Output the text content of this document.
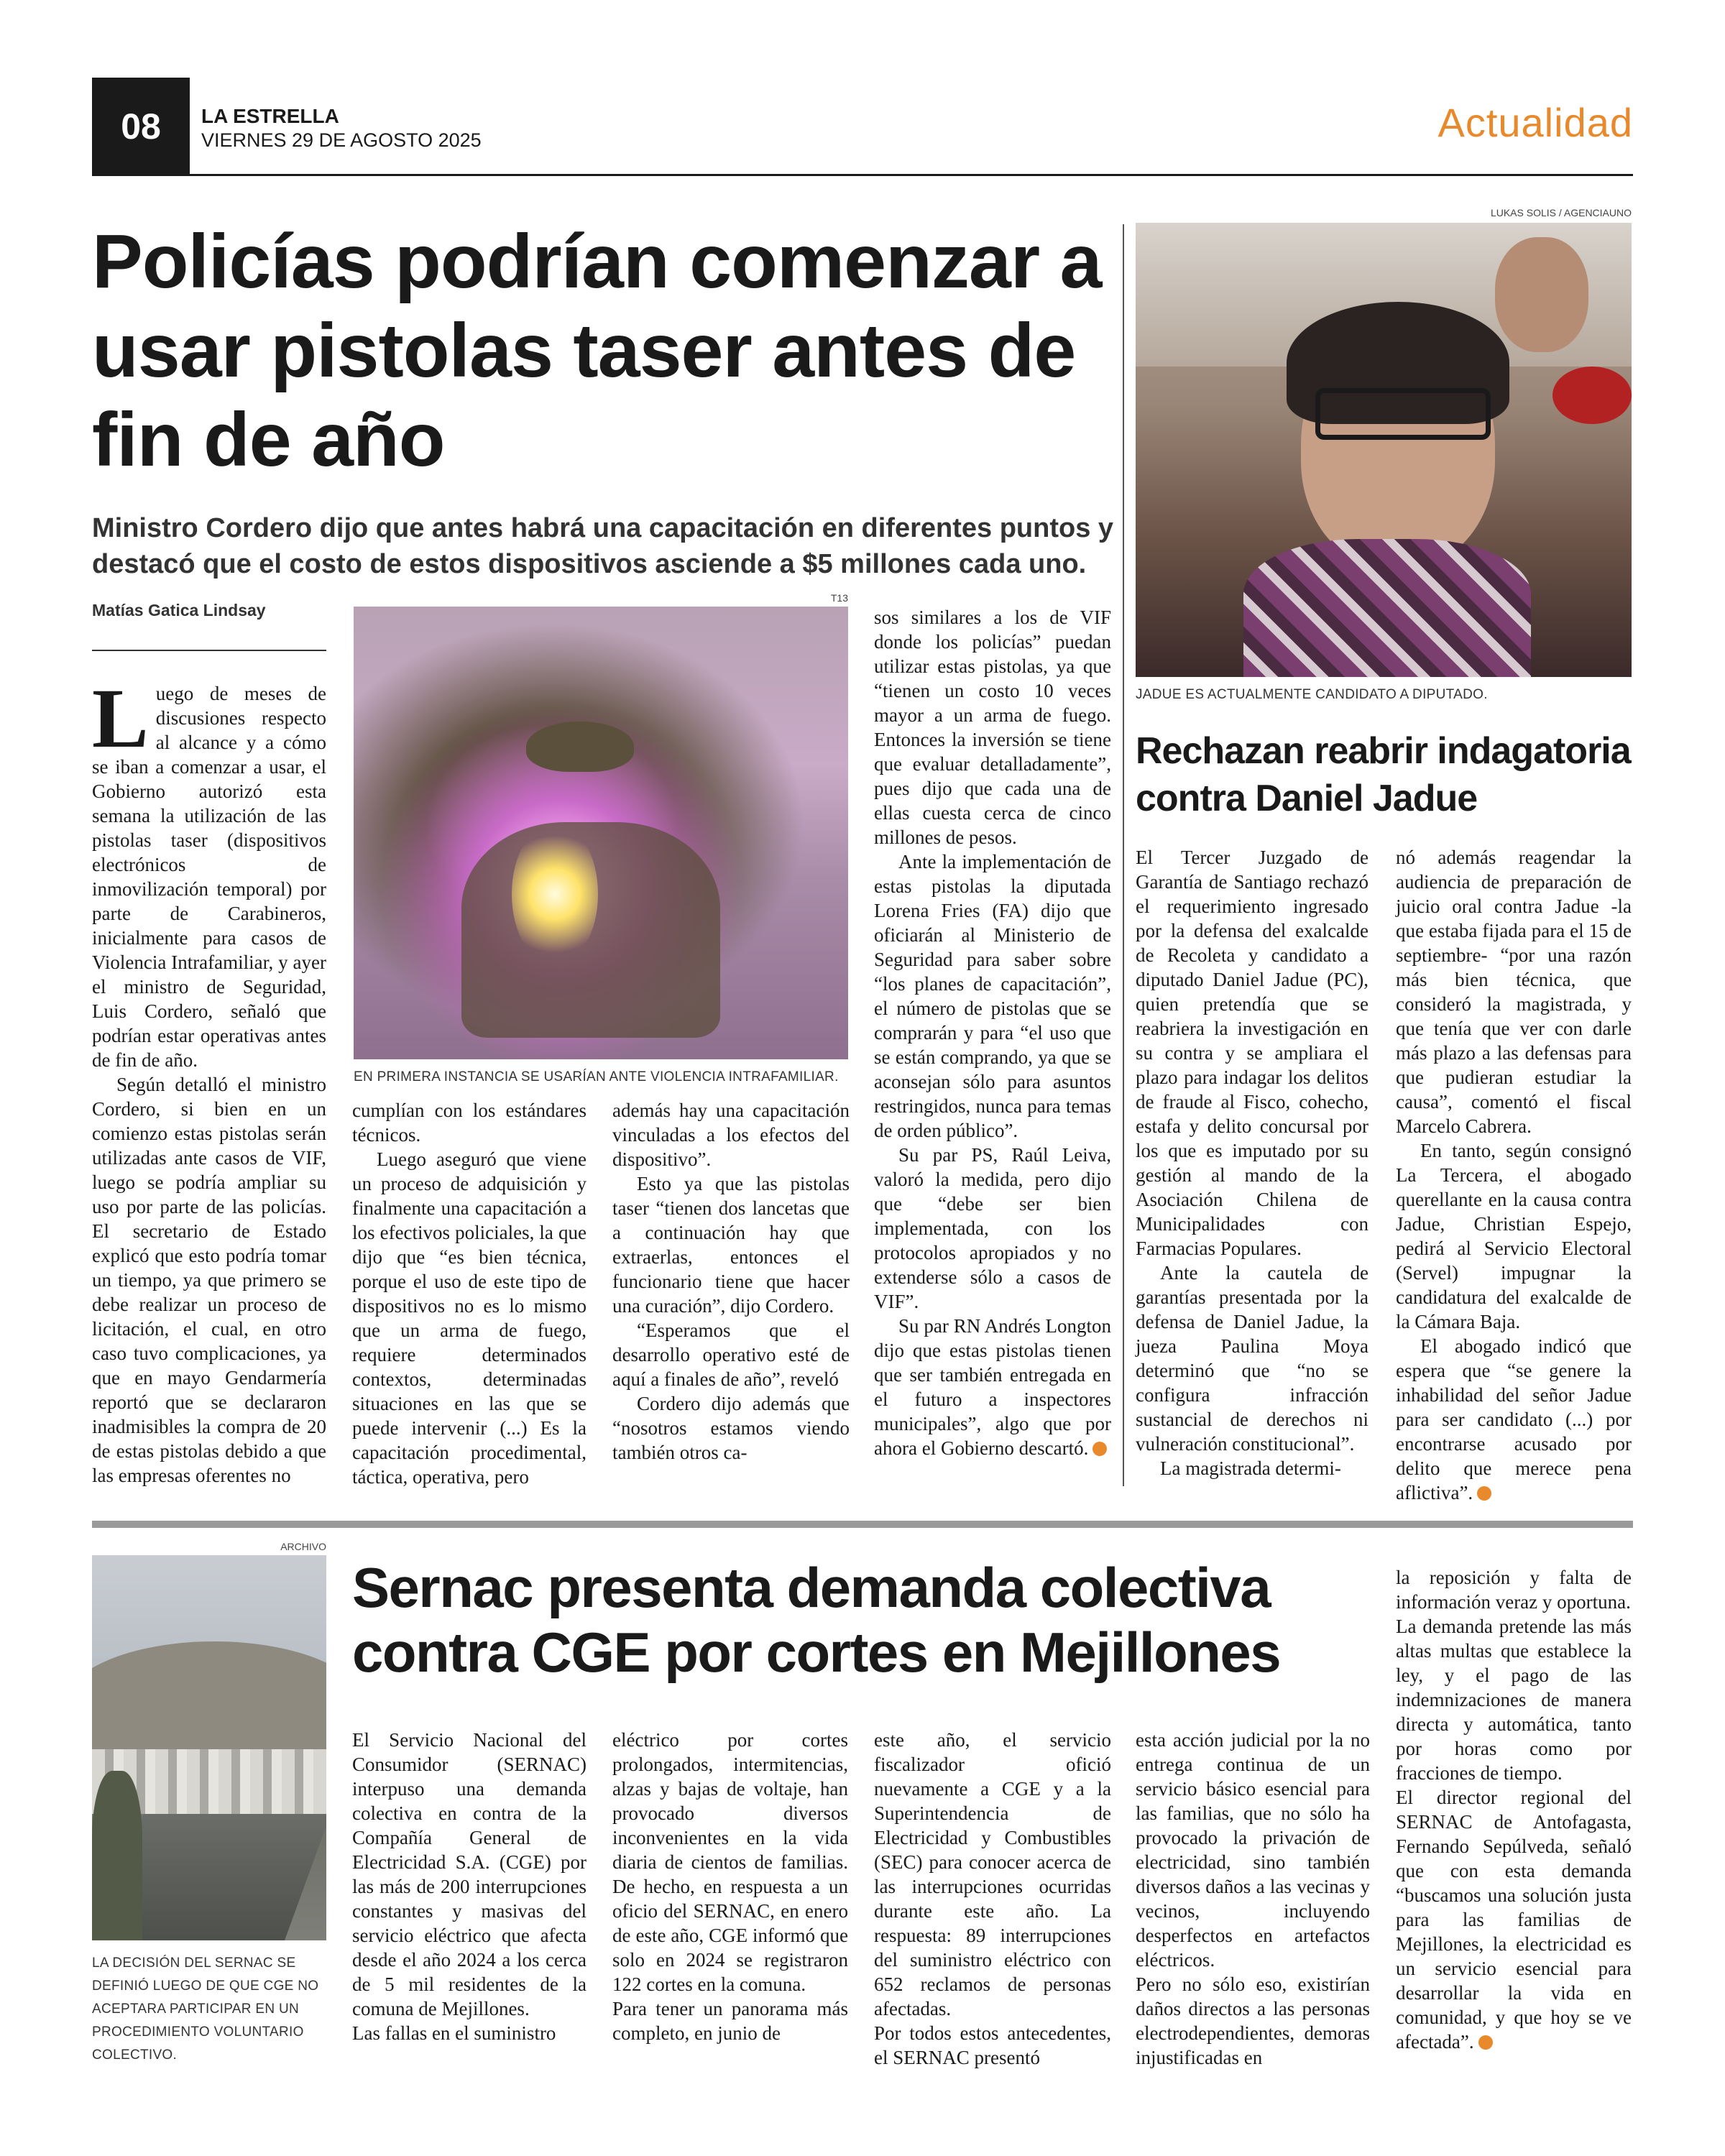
08	LA ESTRELLA
VIERNES 29 DE AGOSTO 2025	Actualidad
Policías podrían comenzar a usar pistolas taser antes de fin de año
Ministro Cordero dijo que antes habrá una capacitación en diferentes puntos y destacó que el costo de estos dispositivos asciende a $5 millones cada uno.
Matías Gatica Lindsay
T13
EN PRIMERA INSTANCIA SE USARÍAN ANTE VIOLENCIA INTRAFAMILIAR.

Luego de meses de discusiones respecto al alcance y a cómo se iban a comenzar a usar, el Gobierno autorizó esta semana la utilización de las pistolas taser (dispositivos electrónicos de inmovilización temporal) por parte de Carabineros, inicialmente para casos de Violencia Intrafamiliar, y ayer el ministro de Seguridad, Luis Cordero, señaló que podrían estar operativas antes de fin de año.

Según detalló el ministro Cordero, si bien en un comienzo estas pistolas serán utilizadas ante casos de VIF, luego se podría ampliar su uso por parte de las policías. El secretario de Estado explicó que esto podría tomar un tiempo, ya que primero se debe realizar un proceso de licitación, el cual, en otro caso tuvo complicaciones, ya que en mayo Gendarmería reportó que se declararon inadmisibles la compra de 20 de estas pistolas debido a que las empresas oferentes no

cumplían con los estándares técnicos.

Luego aseguró que viene un proceso de adquisición y finalmente una capacitación a los efectivos policiales, la que dijo que “es bien técnica, porque el uso de este tipo de dispositivos no es lo mismo que un arma de fuego, requiere determinados contextos, determinadas situaciones en las que se puede intervenir (...) Es la capacitación procedimental, táctica, operativa, pero

además hay una capacitación vinculadas a los efectos del dispositivo”.

Esto ya que las pistolas taser “tienen dos lancetas que a continuación hay que extraerlas, entonces el funcionario tiene que hacer una curación”, dijo Cordero.

“Esperamos que el desarrollo operativo esté de aquí a finales de año”, reveló

Cordero dijo además que “nosotros estamos viendo también otros ca-

sos similares a los de VIF donde los policías” puedan utilizar estas pistolas, ya que “tienen un costo 10 veces mayor a un arma de fuego. Entonces la inversión se tiene que evaluar detalladamente”, pues dijo que cada una de ellas cuesta cerca de cinco millones de pesos.

Ante la implementación de estas pistolas la diputada Lorena Fries (FA) dijo que oficiarán al Ministerio de Seguridad para saber sobre “los planes de capacitación”, el número de pistolas que se comprarán y para “el uso que se están comprando, ya que se aconsejan sólo para asuntos restringidos, nunca para temas de orden público”.

Su par PS, Raúl Leiva, valoró la medida, pero dijo que “debe ser bien implementada, con los protocolos apropiados y no extenderse sólo a casos de VIF”.

Su par RN Andrés Longton dijo que estas pistolas tienen que ser también entregada en el futuro a inspectores municipales”, algo que por ahora el Gobierno descartó.

LUKAS SOLIS / AGENCIAUNO
JADUE ES ACTUALMENTE CANDIDATO A DIPUTADO.
Rechazan reabrir indagatoria contra Daniel Jadue

El Tercer Juzgado de Garantía de Santiago rechazó el requerimiento ingresado por la defensa del exalcalde de Recoleta y candidato a diputado Daniel Jadue (PC), quien pretendía que se reabriera la investigación en su contra y se ampliara el plazo para indagar los delitos de fraude al Fisco, cohecho, estafa y delito concursal por los que es imputado por su gestión al mando de la Asociación Chilena de Municipalidades con Farmacias Populares.

Ante la cautela de garantías presentada por la defensa de Daniel Jadue, la jueza Paulina Moya determinó que “no se configura infracción sustancial de derechos ni vulneración constitucional”.

La magistrada determi-

nó además reagendar la audiencia de preparación de juicio oral contra Jadue -la que estaba fijada para el 15 de septiembre- “por una razón más bien técnica, que consideró la magistrada, y que tenía que ver con darle más plazo a las defensas para que pudieran estudiar la causa”, comentó el fiscal Marcelo Cabrera.

En tanto, según consignó La Tercera, el abogado querellante en la causa contra Jadue, Christian Espejo, pedirá al Servicio Electoral (Servel) impugnar la candidatura del exalcalde de la Cámara Baja.

El abogado indicó que espera que “se genere la inhabilidad del señor Jadue para ser candidato (...) por encontrarse acusado por delito que merece pena aflictiva”.

ARCHIVO
LA DECISIÓN DEL SERNAC SE DEFINIÓ LUEGO DE QUE CGE NO ACEPTARA PARTICIPAR EN UN PROCEDIMIENTO VOLUNTARIO COLECTIVO.
Sernac presenta demanda colectiva contra CGE por cortes en Mejillones

El Servicio Nacional del Consumidor (SERNAC) interpuso una demanda colectiva en contra de la Compañía General de Electricidad S.A. (CGE) por las más de 200 interrupciones constantes y masivas del servicio eléctrico que afecta desde el año 2024 a los cerca de 5 mil residentes de la comuna de Mejillones.

Las fallas en el suministro

eléctrico por cortes prolongados, intermitencias, alzas y bajas de voltaje, han provocado diversos inconvenientes en la vida diaria de cientos de familias. De hecho, en respuesta a un oficio del SERNAC, en enero de este año, CGE informó que solo en 2024 se registraron 122 cortes en la comuna.

Para tener un panorama más completo, en junio de

este año, el servicio fiscalizador ofició nuevamente a CGE y a la Superintendencia de Electricidad y Combustibles (SEC) para conocer acerca de las interrupciones ocurridas durante este año. La respuesta: 89 interrupciones del suministro eléctrico con 652 reclamos de personas afectadas.

Por todos estos antecedentes, el SERNAC presentó

esta acción judicial por la no entrega continua de un servicio básico esencial para las familias, que no sólo ha provocado la privación de electricidad, sino también diversos daños a las vecinas y vecinos, incluyendo desperfectos en artefactos eléctricos.

Pero no sólo eso, existirían daños directos a las personas electrodependientes, demoras injustificadas en

la reposición y falta de información veraz y oportuna.

La demanda pretende las más altas multas que establece la ley, y el pago de las indemnizaciones de manera directa y automática, tanto por horas como por fracciones de tiempo.

El director regional del SERNAC de Antofagasta, Fernando Sepúlveda, señaló que con esta demanda “buscamos una solución justa para las familias de Mejillones, la electricidad es un servicio esencial para desarrollar la vida en comunidad, y que hoy se ve afectada”.
